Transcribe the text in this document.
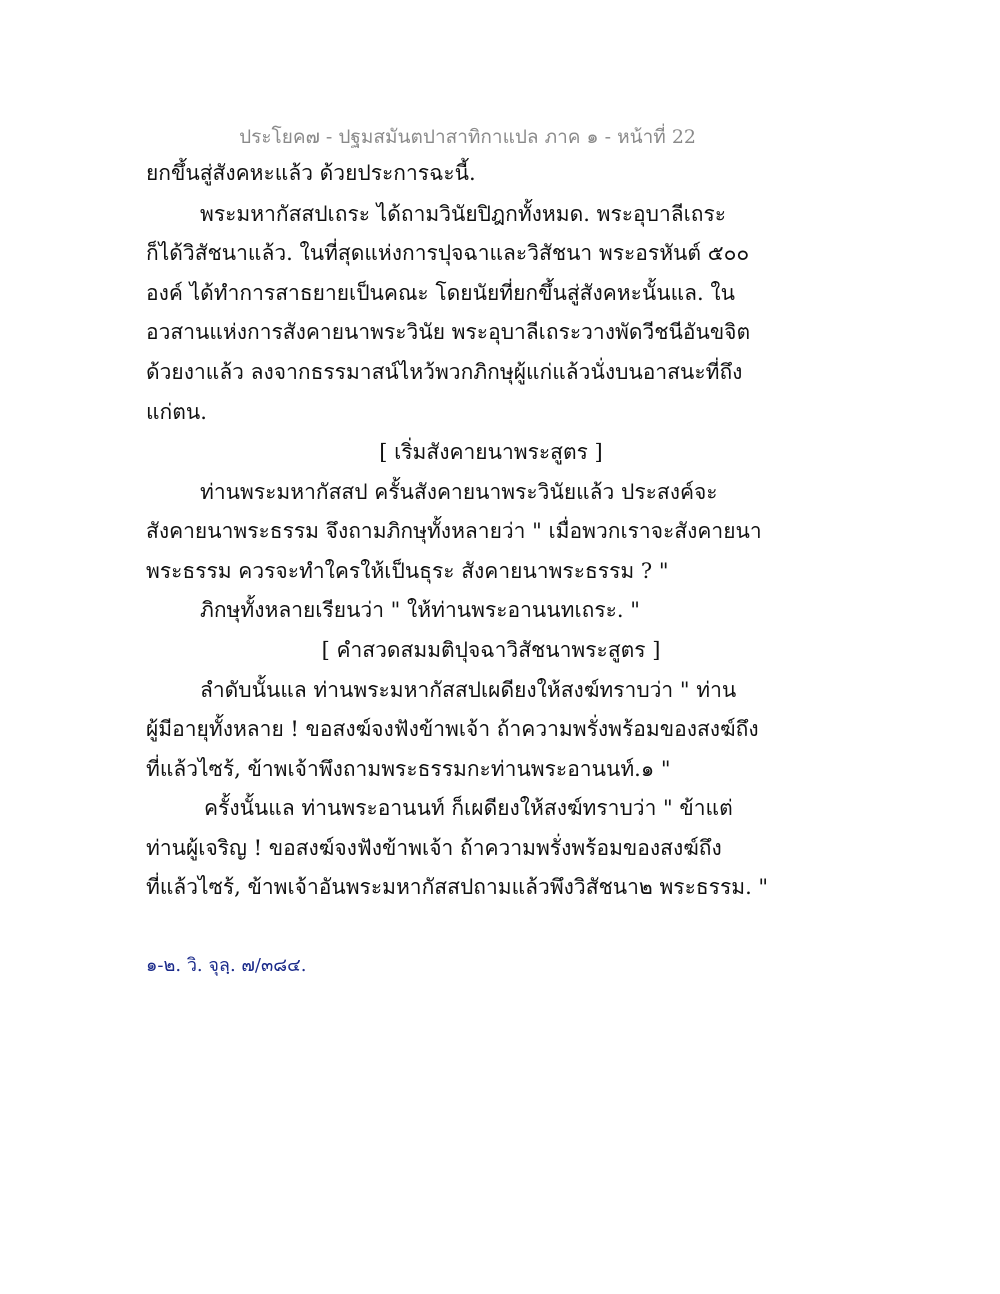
ประโยค๗ - ปฐมสมันตปาสาทิกาแปล ภาค ๑ - หน้าที่ 22
ยกขึ้นสู่สังคหะแล้ว ด้วยประการฉะนี้.
พระมหากัสสปเถระ ได้ถามวินัยปิฎกทั้งหมด. พระอุบาลีเถระ
ก็ได้วิสัชนาแล้ว. ในที่สุดแห่งการปุจฉาและวิสัชนา พระอรหันต์ ๕๐๐
องค์ ได้ทำการสาธยายเป็นคณะ โดยนัยที่ยกขึ้นสู่สังคหะนั้นแล. ใน
อวสานแห่งการสังคายนาพระวินัย พระอุบาลีเถระวางพัดวีชนีอันขจิต
ด้วยงาแล้ว ลงจากธรรมาสน์ไหว้พวกภิกษุผู้แก่แล้วนั่งบนอาสนะที่ถึง
แก่ตน.
[ เริ่มสังคายนาพระสูตร ]
ท่านพระมหากัสสป ครั้นสังคายนาพระวินัยแล้ว ประสงค์จะ
สังคายนาพระธรรม จึงถามภิกษุทั้งหลายว่า " เมื่อพวกเราจะสังคายนา
พระธรรม ควรจะทำใครให้เป็นธุระ สังคายนาพระธรรม ? "
ภิกษุทั้งหลายเรียนว่า " ให้ท่านพระอานนทเถระ. "
[ คำสวดสมมติปุจฉาวิสัชนาพระสูตร ]
ลำดับนั้นแล ท่านพระมหากัสสปเผดียงให้สงฆ์ทราบว่า " ท่าน
ผู้มีอายุทั้งหลาย ! ขอสงฆ์จงฟังข้าพเจ้า ถ้าความพรั่งพร้อมของสงฆ์ถึง
ที่แล้วไซร้, ข้าพเจ้าพึงถามพระธรรมกะท่านพระอานนท์.๑ "
ครั้งนั้นแล ท่านพระอานนท์ ก็เผดียงให้สงฆ์ทราบว่า " ข้าแต่
ท่านผู้เจริญ ! ขอสงฆ์จงฟังข้าพเจ้า ถ้าความพรั่งพร้อมของสงฆ์ถึง
ที่แล้วไซร้, ข้าพเจ้าอันพระมหากัสสปถามแล้วพึงวิสัชนา๒ พระธรรม. "
๑-๒. วิ. จุลฺ. ๗/๓๘๔.
